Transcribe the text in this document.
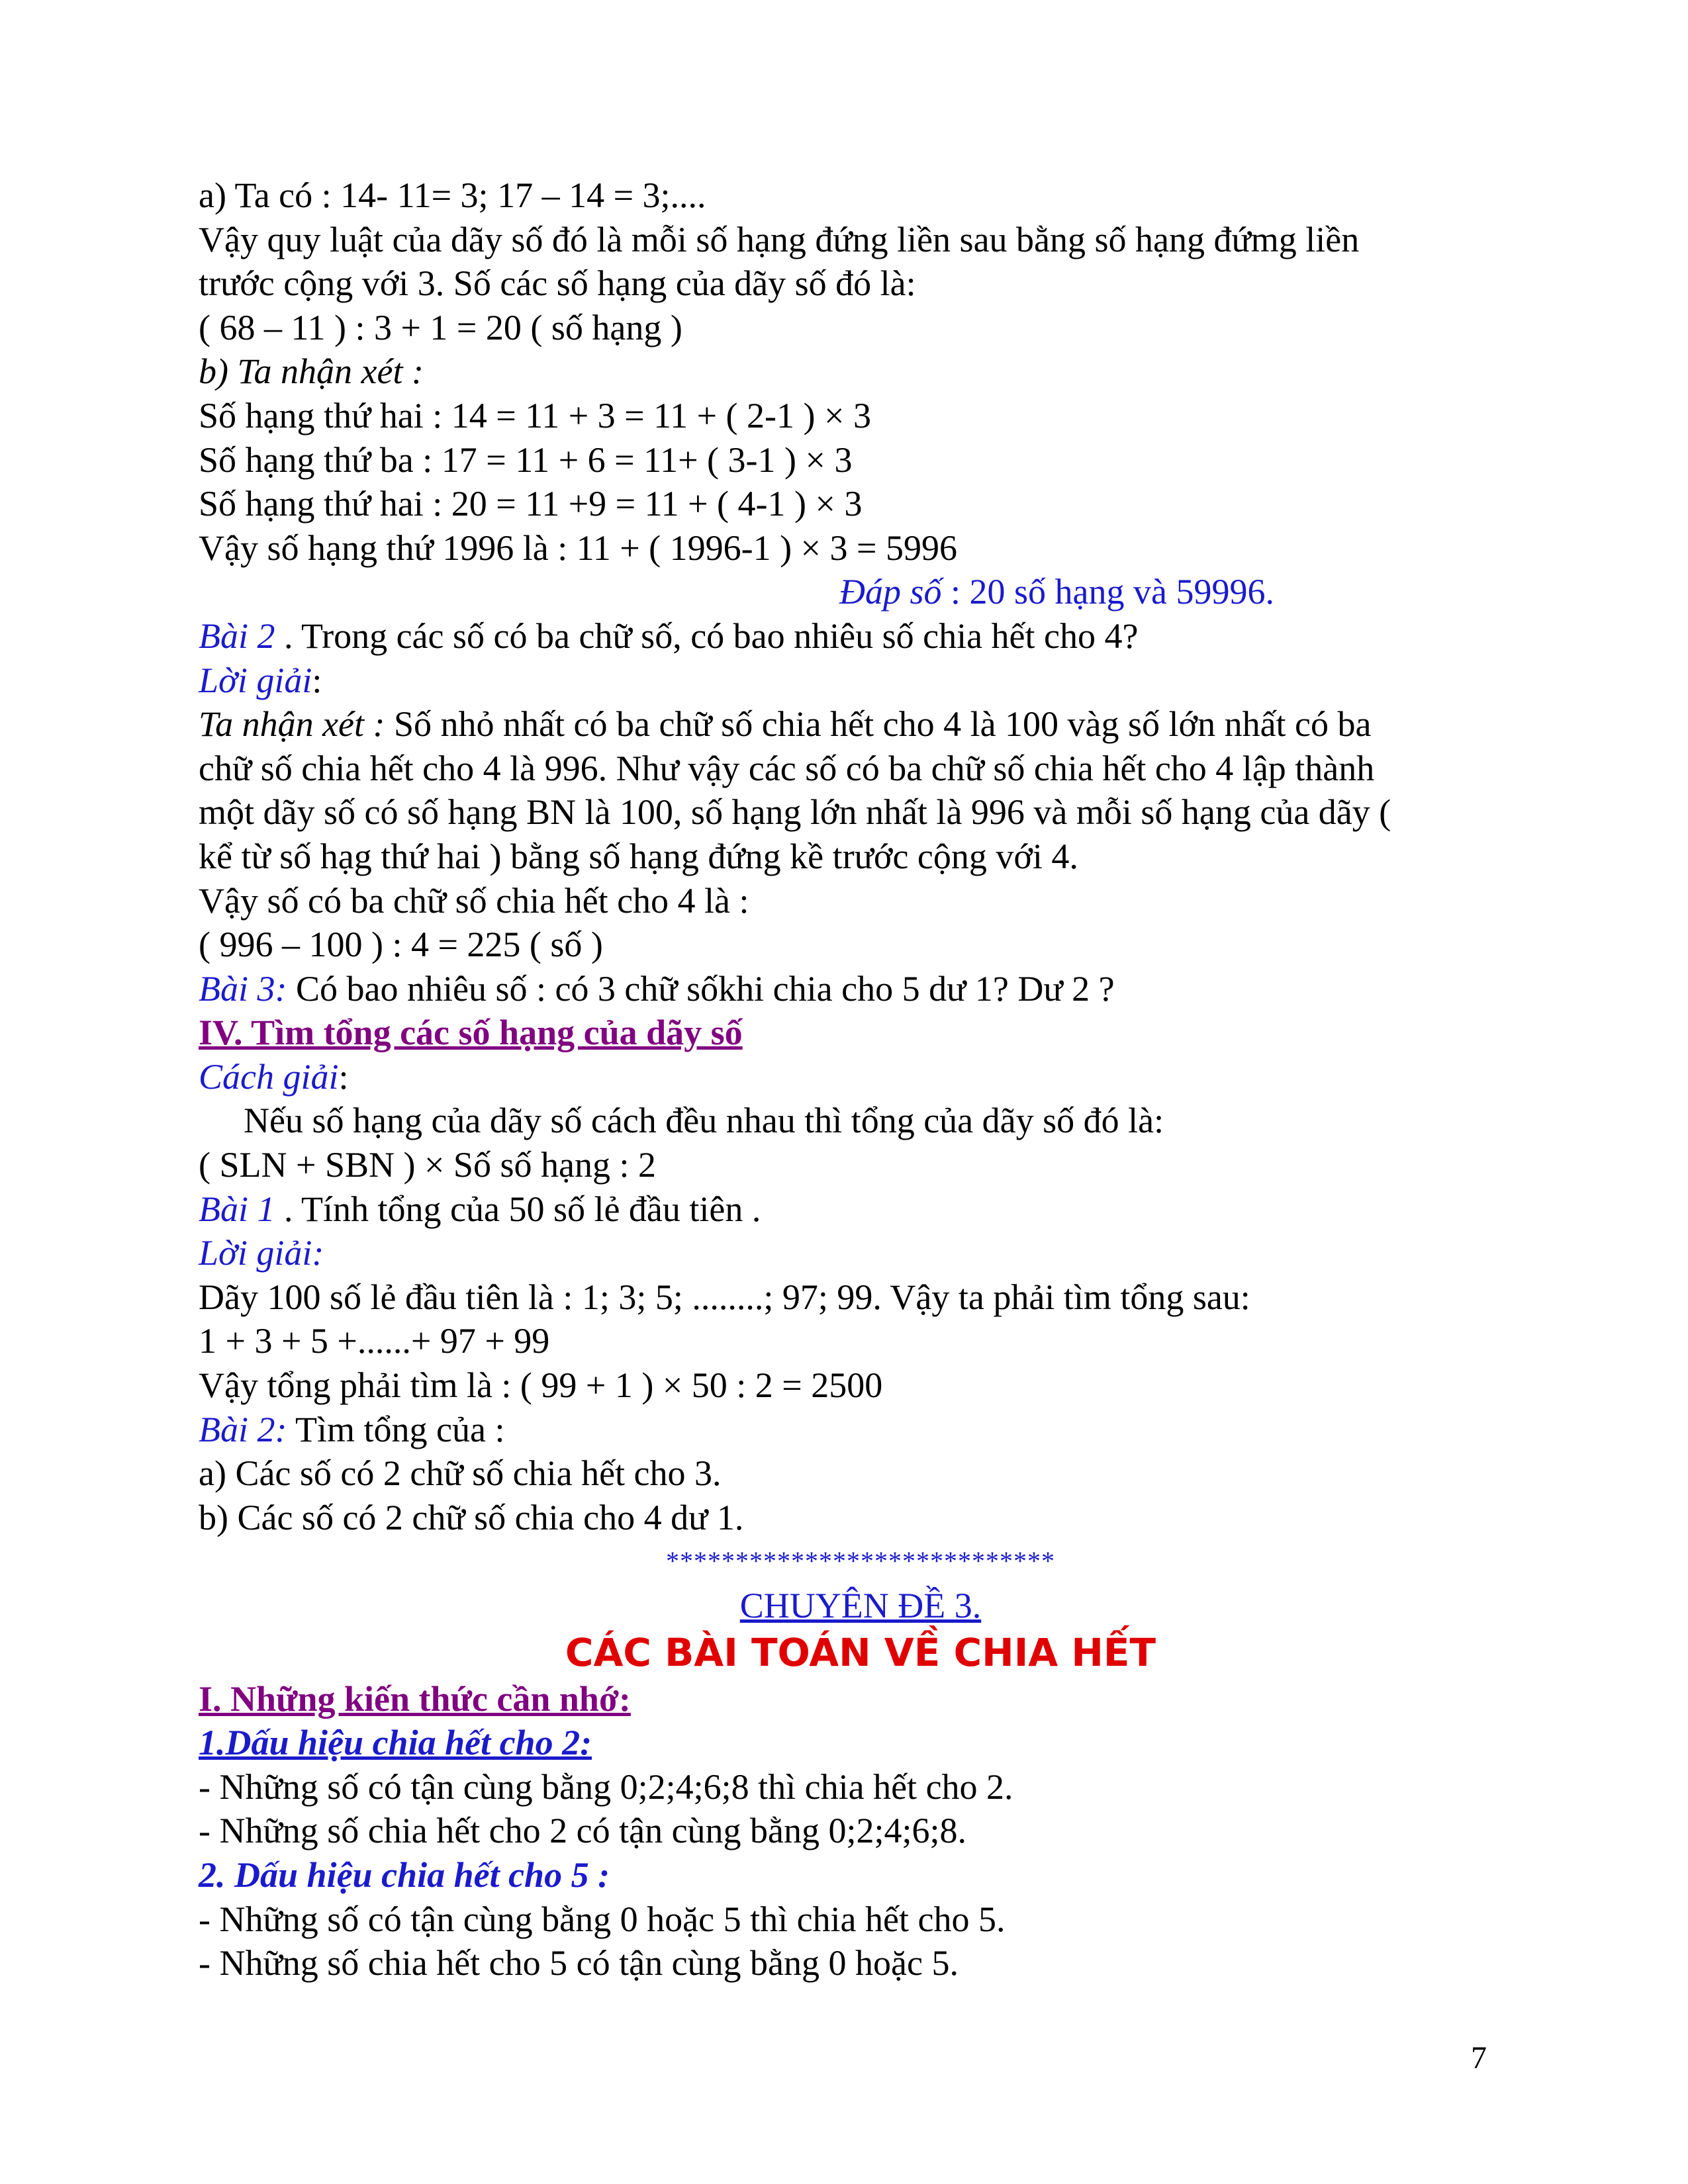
a) Ta có : 14- 11= 3; 17 – 14 = 3;....
Vậy quy luật của dãy số đó là mỗi số hạng đứng liền sau bằng số hạng đứmg liền
trước cộng với 3. Số các số hạng của dãy số đó là:
( 68 – 11 ) : 3 + 1 = 20 ( số hạng )
b) Ta nhận xét :
Số hạng thứ hai : 14 = 11 + 3 = 11 + ( 2-1 ) × 3
Số hạng thứ ba : 17 = 11 + 6 = 11+ ( 3-1 ) × 3
Số hạng thứ hai : 20 = 11 +9 = 11 + ( 4-1 ) × 3
Vậy số hạng thứ 1996 là : 11 + ( 1996-1 ) × 3 = 5996
Đáp số : 20 số hạng và 59996.
Bài 2 . Trong các số có ba chữ số, có bao nhiêu số chia hết cho 4?
Lời giải:
Ta nhận xét : Số nhỏ nhất có ba chữ số chia hết cho 4 là 100 vàg số lớn nhất có ba
chữ số chia hết cho 4 là 996. Như vậy các số có ba chữ số chia hết cho 4 lập thành
một dãy số có số hạng BN là 100, số hạng lớn nhất là 996 và mỗi số hạng của dãy (
kể từ số hạg thứ hai ) bằng số hạng đứng kề trước cộng với 4.
Vậy số có ba chữ số chia hết cho 4 là :
( 996 – 100 ) : 4 = 225 ( số )
Bài 3: Có bao nhiêu số : có 3 chữ sốkhi chia cho 5 dư 1? Dư 2 ?
IV. Tìm tổng các số hạng của dãy số
Cách giải:
Nếu số hạng của dãy số cách đều nhau thì tổng của dãy số đó là:
( SLN + SBN ) × Số số hạng : 2
Bài 1 . Tính tổng của 50 số lẻ đầu tiên .
Lời giải:
Dãy 100 số lẻ đầu tiên là : 1; 3; 5; ........; 97; 99. Vậy ta phải tìm tổng sau:
1 + 3 + 5 +......+ 97 + 99
Vậy tổng phải tìm là : ( 99 + 1 ) × 50 : 2 = 2500
Bài 2: Tìm tổng của :
a) Các số có 2 chữ số chia hết cho 3.
b) Các số có 2 chữ số chia cho 4 dư 1.
****************************
CHUYÊN ĐỀ 3.
CÁC BÀI TOÁN VỀ CHIA HẾT
I. Những kiến thức cần nhớ:
1.Dấu hiệu chia hết cho 2:
- Những số có tận cùng bằng 0;2;4;6;8 thì chia hết cho 2.
- Những số chia hết cho 2 có tận cùng bằng 0;2;4;6;8.
2. Dấu hiệu chia hết cho 5 :
- Những số có tận cùng bằng 0 hoặc 5 thì chia hết cho 5.
- Những số chia hết cho 5 có tận cùng bằng 0 hoặc 5.
7
